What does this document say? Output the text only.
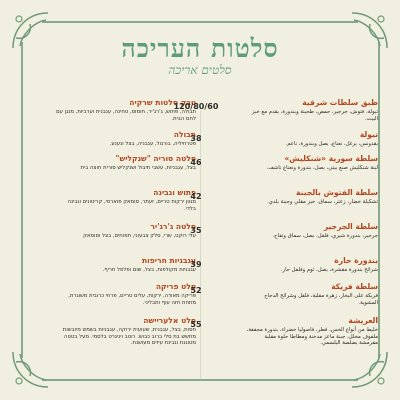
סלטות העריכה
סלטים אריכה
טבק סלטות שרקיה
תבולה, פתוש, ג'רג'יר, חומוס, טחינה, ענבנית וערביות, מנגן עם לחם הבית.
תבולה
פטרוזיליה, בורגול, עגבניה, בצל ונענע.
סלטה סוריה "שנקליש"
בצל, עגבניות, עשבי תיבול ושנקליש סורית חוצה בית
פתוש וגבינה
מגוון ירקות טריים, זעתר, סומאק פוארסי, קריטונים וגבינה בלדי.
סלטה ג'רג'יר
עלי רוקט, שרי, סלק צבעוני, תפוחים, בצל וסומאק
עגבניות חריפות
עגבניות מקולפות, בצל, שום ופלפל חריף.
סלט פריקה
פריקה מאודה, ירקות, עלים טריים, פרחי כרובית משוגרת, מתחת חזה עוף ותבליני.
סלט אלעריישה
חסות, בצל, ענבנית, שעועית ירוקה, עגבניות בשמש מיובשות מחשש בת סלי ברוב כבוש. רוטב ויניגרט בלסמי. מעל בטטה מטוגנת וגבינת עיזים מעושנת.
120/80/60
38
46
42
35
39
52
55
طبق سلطات شرقية
تبولة، فتوش، جرجير، حمص، طحينة وبندورة، يقدم مع خبز البيت.
تبولة
بقدونس، برغل، نعناع، بصل وبندورة، ناعم.
سلطة سورية «شنكليش»
لبنة شنكليش صنع بيتي، بصل، بندورة ونعناع ناشف.
سلطة الفتوش بالجبنة
تشكيلة خضار، زعتر، سماق، خبز مقلي وجبنة بلدي.
سلطة الجرجير
جرجير، بندورة شيري، فلفل، بصل، سماق وتفاح.
بندورة حارة
شرائح بندورة مقشرة، بصل، ثوم وفلفل حار.
سلطة فريكة
فريكة على البخار، زهرة مقلية، فلفل وشرائح الدجاج المشوية.
العريشة
خليط من أنواع الخس، فطر، فاصوليا خضراء، بندورة مجففة، ملفوف مخلل، جبنة ماعز مدخنة ومطاطا حلوة مقلية مقرمشة بصلصة البلسمي.
